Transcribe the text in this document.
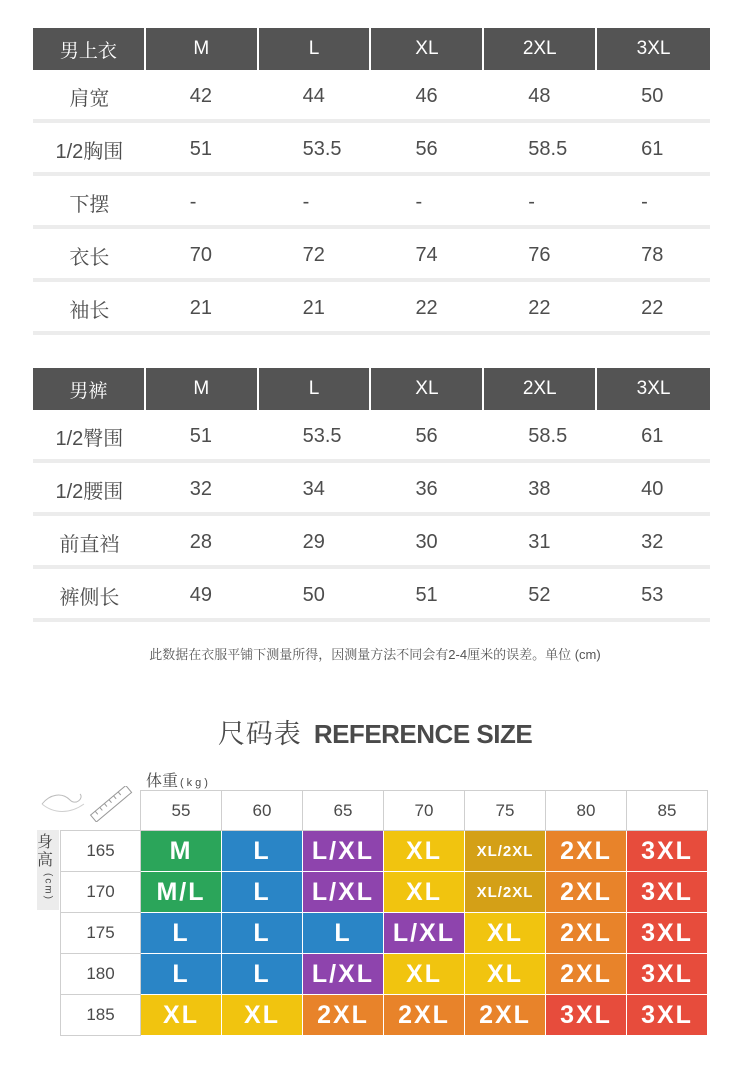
男上衣	M	L	XL	2XL	3XL
肩宽	42	44	46	48	50
1/2胸围	51	53.5	56	58.5	61
下摆	-	-	-	-	-
衣长	70	72	74	76	78
袖长	21	21	22	22	22
男裤	M	L	XL	2XL	3XL
1/2臀围	51	53.5	56	58.5	61
1/2腰围	32	34	36	38	40
前直裆	28	29	30	31	32
裤侧长	49	50	51	52	53
此数据在衣服平铺下测量所得，因测量方法不同会有2-4厘米的误差。单位 (cm)
尺码表 REFERENCE SIZE
体重 (kg)
身高
(cm)
	55	60	65	70	75	80	85
165	M	L	L/XL	XL	XL/2XL	2XL	3XL
170	M/L	L	L/XL	XL	XL/2XL	2XL	3XL
175	L	L	L	L/XL	XL	2XL	3XL
180	L	L	L/XL	XL	XL	2XL	3XL
185	XL	XL	2XL	2XL	2XL	3XL	3XL
